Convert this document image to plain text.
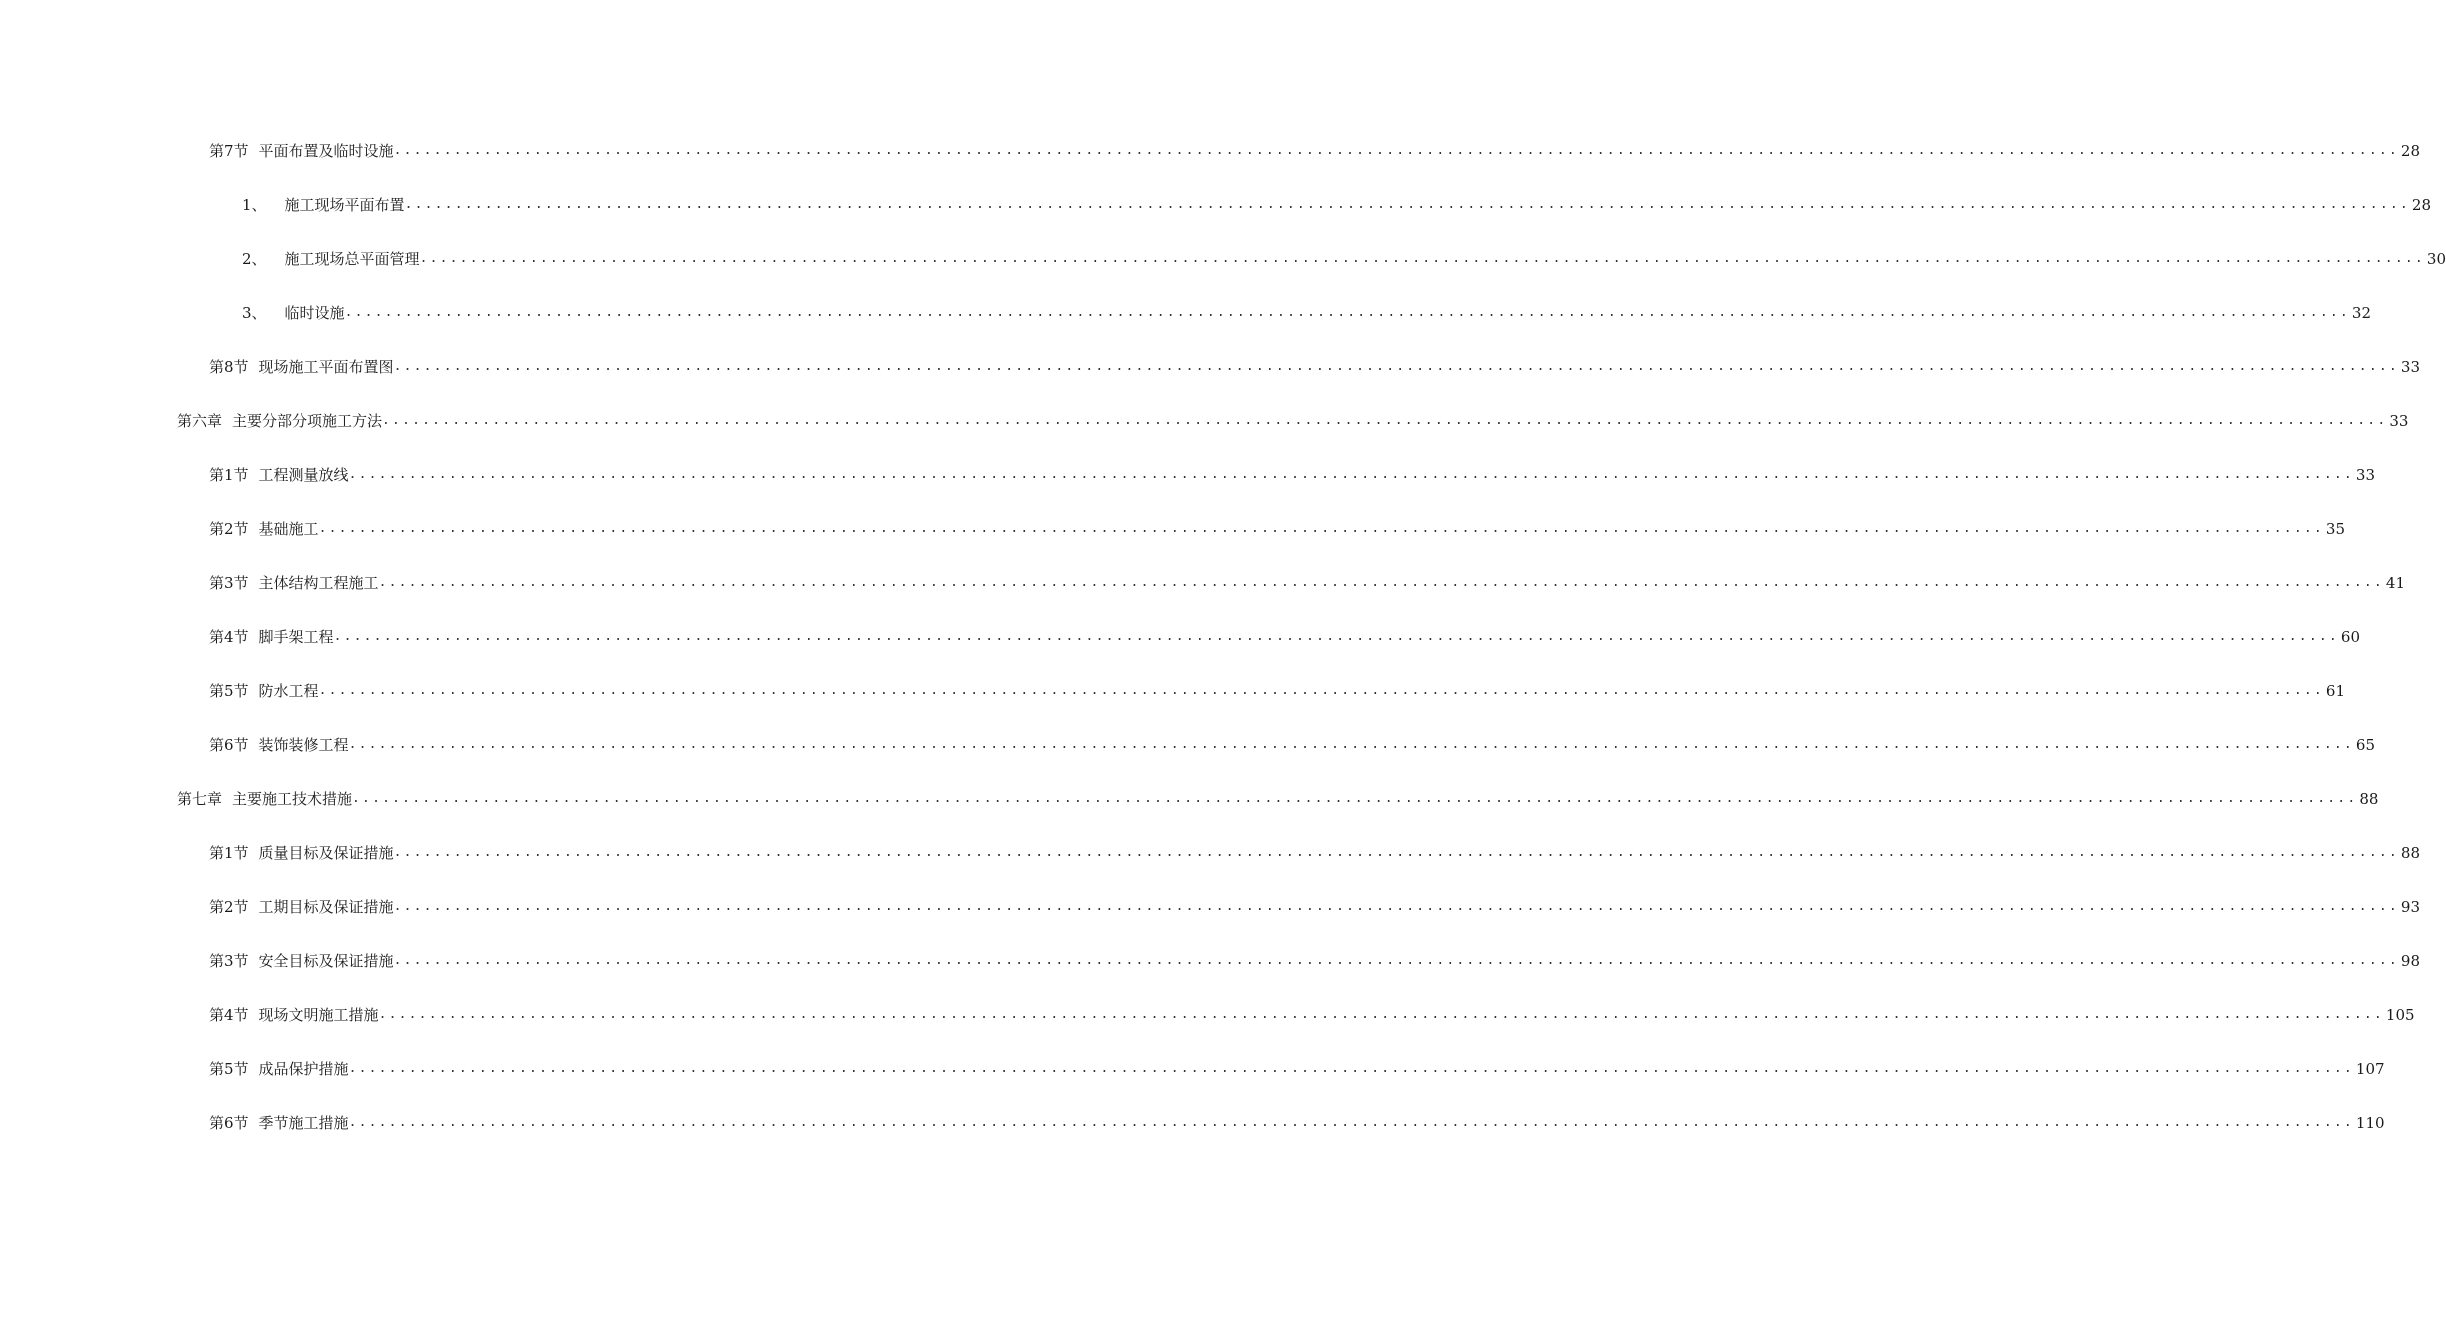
第7节 平面布置及临时设施 ........................................................................................................................................................................................................ 28
1、 施工现场平面布置 ........................................................................................................................................................................................................ 28
2、 施工现场总平面管理 ........................................................................................................................................................................................................ 30
3、 临时设施 ........................................................................................................................................................................................................ 32
第8节 现场施工平面布置图 ........................................................................................................................................................................................................ 33
第六章 主要分部分项施工方法 ........................................................................................................................................................................................................ 33
第1节 工程测量放线 ........................................................................................................................................................................................................ 33
第2节 基础施工 ........................................................................................................................................................................................................ 35
第3节 主体结构工程施工 ........................................................................................................................................................................................................ 41
第4节 脚手架工程 ........................................................................................................................................................................................................ 60
第5节 防水工程 ........................................................................................................................................................................................................ 61
第6节 装饰装修工程 ........................................................................................................................................................................................................ 65
第七章 主要施工技术措施 ........................................................................................................................................................................................................ 88
第1节 质量目标及保证措施 ........................................................................................................................................................................................................ 88
第2节 工期目标及保证措施 ........................................................................................................................................................................................................ 93
第3节 安全目标及保证措施 ........................................................................................................................................................................................................ 98
第4节 现场文明施工措施 ........................................................................................................................................................................................................ 105
第5节 成品保护措施 ........................................................................................................................................................................................................ 107
第6节 季节施工措施 ........................................................................................................................................................................................................ 110
